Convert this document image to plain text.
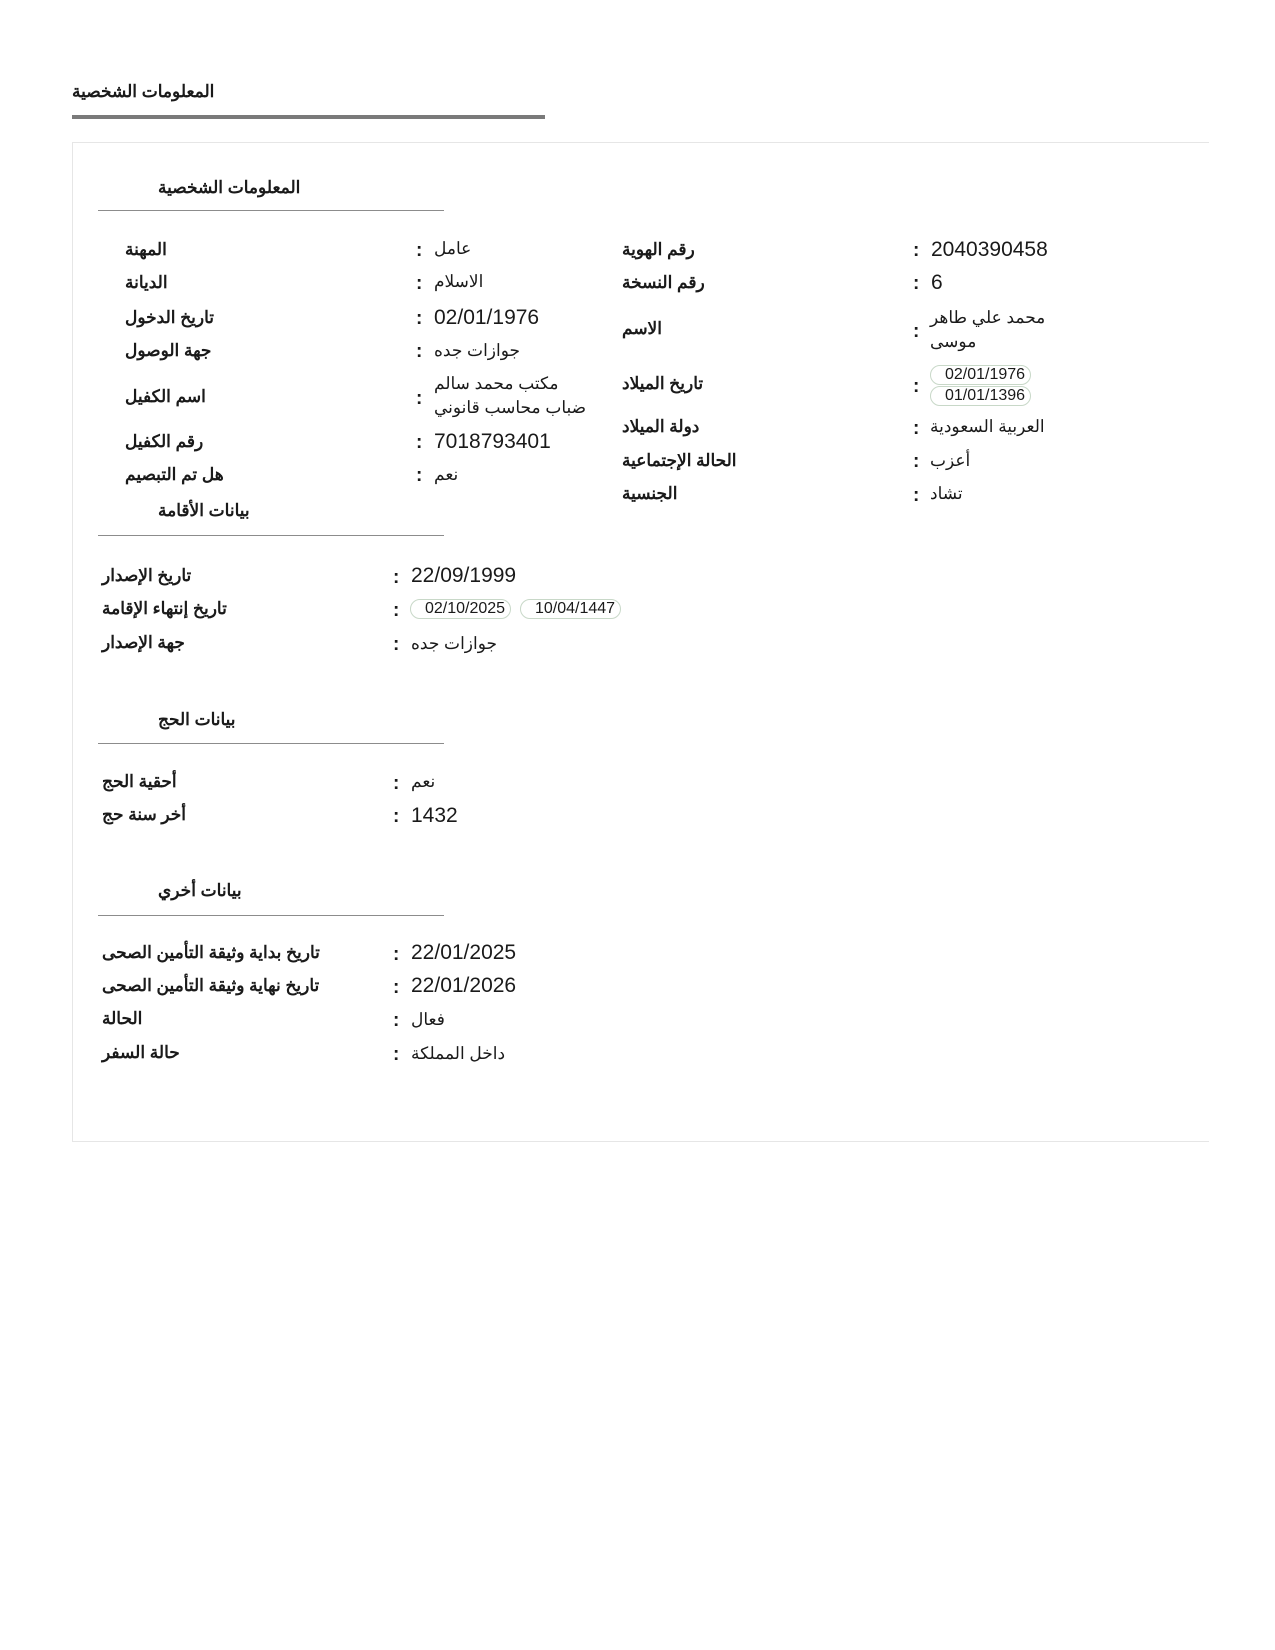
المعلومات الشخصية
المعلومات الشخصية
رقم الهوية	: 2040390458
رقم النسخة	: 6
الاسم	:
محمد علي طاهر
موسى
تاريخ الميلاد	:
02/01/1976
01/01/1396
دولة الميلاد	: العربية السعودية
الحالة الإجتماعية	: أعزب
الجنسية	: تشاد
المهنة	: عامل
الديانة	: الاسلام
تاريخ الدخول	: 02/01/1976
جهة الوصول	: جوازات جده
اسم الكفيل	:
مكتب محمد سالم
ضباب محاسب قانوني
رقم الكفيل	: 7018793401
هل تم التبصيم	: نعم
بيانات الأقامة
تاريخ الإصدار	: 22/09/1999
تاريخ إنتهاء الإقامة	:	02/10/2025	10/04/1447
جهة الإصدار	: جوازات جده
بيانات الحج
أحقية الحج	: نعم
أخر سنة حج	: 1432
بيانات أخري
تاريخ بداية وثيقة التأمين الصحى	: 22/01/2025
تاريخ نهاية وثيقة التأمين الصحى	: 22/01/2026
الحالة	: فعال
حالة السفر	: داخل المملكة
